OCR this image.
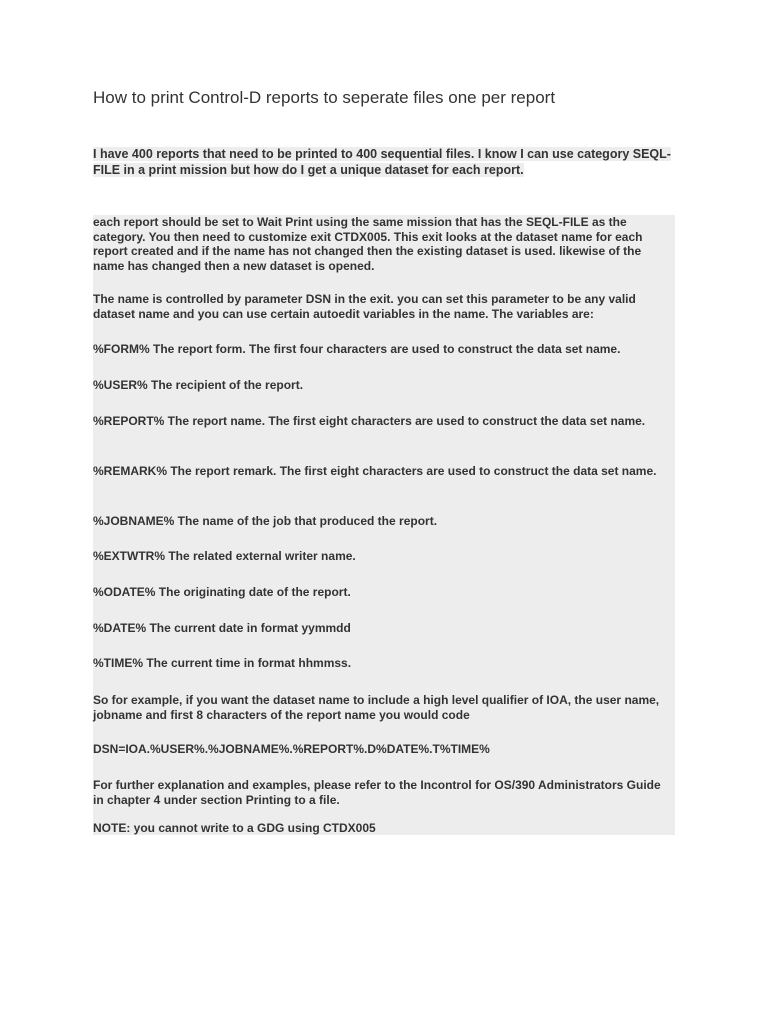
How to print Control-D reports to seperate files one per report

I have 400 reports that need to be printed to 400 sequential files. I know I can use category SEQL-FILE in a print mission but how do I get a unique dataset for each report.

each report should be set to Wait Print using the same mission that has the SEQL-FILE as the category. You then need to customize exit CTDX005. This exit looks at the dataset name for each report created and if the name has not changed then the existing dataset is used. likewise of the name has changed then a new dataset is opened.

The name is controlled by parameter DSN in the exit. you can set this parameter to be any valid dataset name and you can use certain autoedit variables in the name. The variables are:

%FORM% The report form. The first four characters are used to construct the data set name.

%USER% The recipient of the report.

%REPORT% The report name. The first eight characters are used to construct the data set name.

%REMARK% The report remark. The first eight characters are used to construct the data set name.

%JOBNAME% The name of the job that produced the report.

%EXTWTR% The related external writer name.

%ODATE% The originating date of the report.

%DATE% The current date in format yymmdd

%TIME% The current time in format hhmmss.

So for example, if you want the dataset name to include a high level qualifier of IOA, the user name, jobname and first 8 characters of the report name you would code

DSN=IOA.%USER%.%JOBNAME%.%REPORT%.D%DATE%.T%TIME%

For further explanation and examples, please refer to the Incontrol for OS/390 Administrators Guide in chapter 4 under section Printing to a file.

NOTE: you cannot write to a GDG using CTDX005
